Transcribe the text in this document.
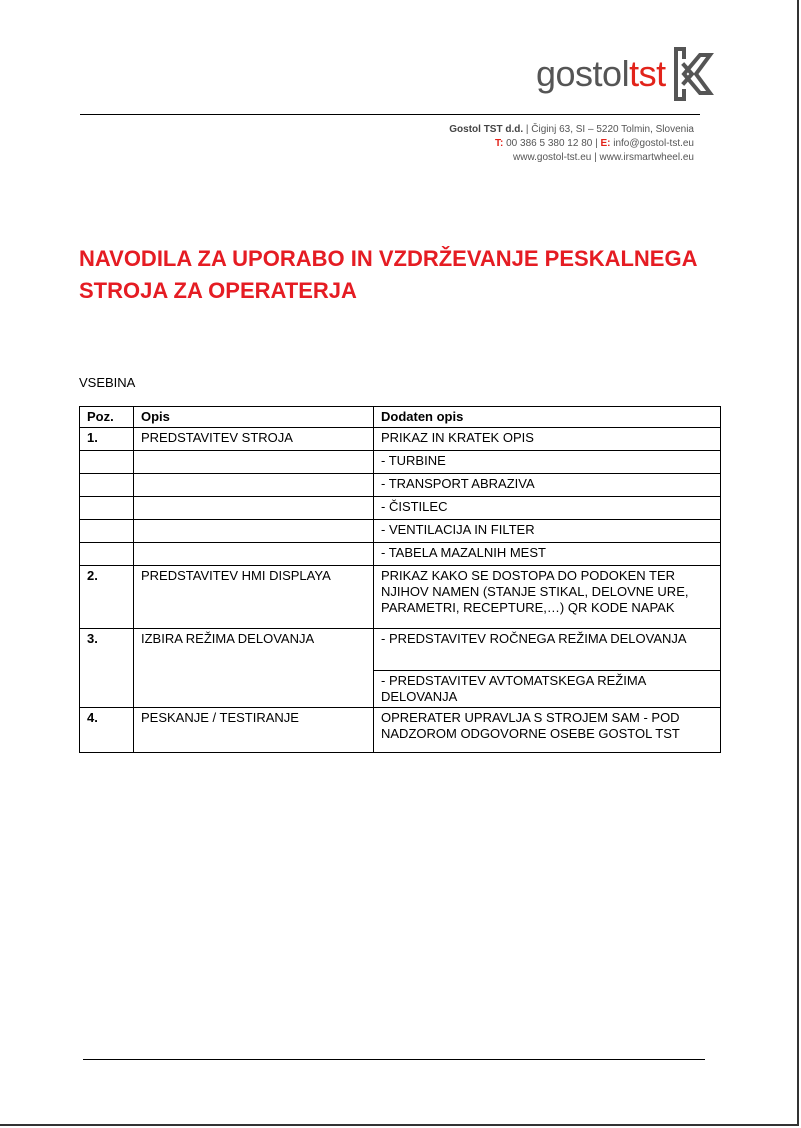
gostol tst
Gostol TST d.d. | Čiginj 63, SI – 5220 Tolmin, Slovenia
T: 00 386 5 380 12 80 | E: info@gostol-tst.eu
www.gostol-tst.eu | www.irsmartwheel.eu
NAVODILA ZA UPORABO IN VZDRŽEVANJE PESKALNEGA
STROJA ZA OPERATERJA
VSEBINA
Poz.	Opis	Dodaten opis
1.	PREDSTAVITEV STROJA	PRIKAZ IN KRATEK OPIS
		- TURBINE
		- TRANSPORT ABRAZIVA
		- ČISTILEC
		- VENTILACIJA IN FILTER
		- TABELA MAZALNIH MEST
2.	PREDSTAVITEV HMI DISPLAYA	PRIKAZ KAKO SE DOSTOPA DO PODOKEN TER NJIHOV NAMEN (STANJE STIKAL, DELOVNE URE, PARAMETRI, RECEPTURE,…) QR KODE NAPAK
3.	IZBIRA REŽIMA DELOVANJA	- PREDSTAVITEV ROČNEGA REŽIMA DELOVANJA
		- PREDSTAVITEV AVTOMATSKEGA REŽIMA DELOVANJA
4.	PESKANJE / TESTIRANJE	OPRERATER UPRAVLJA S STROJEM SAM - POD NADZOROM ODGOVORNE OSEBE GOSTOL TST
